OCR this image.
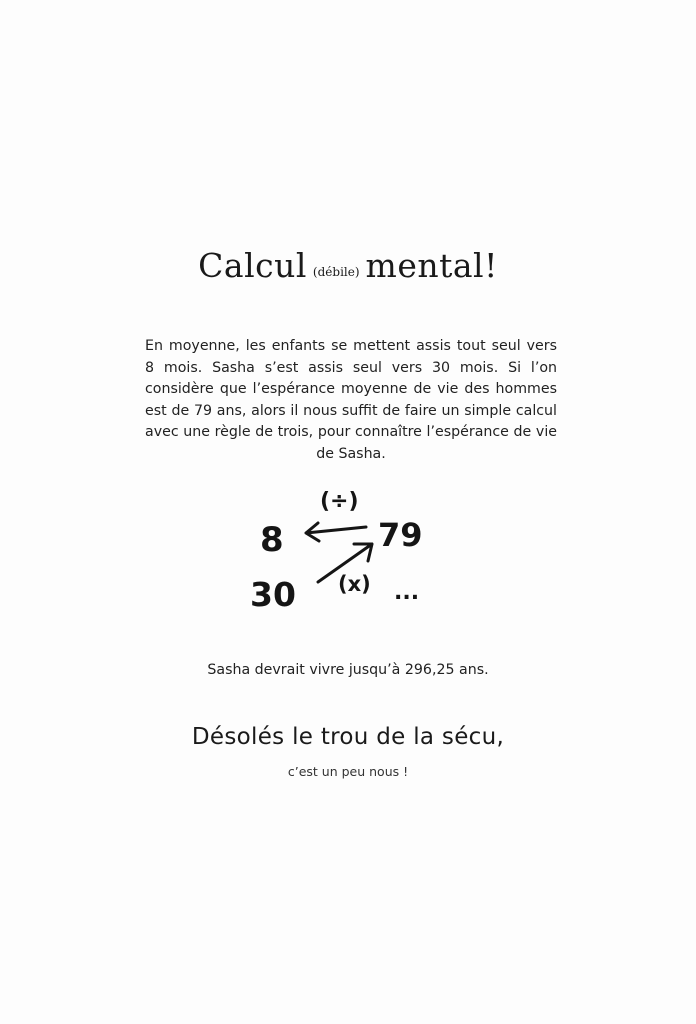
Calcul (débile) mental!

En moyenne, les enfants se mettent assis tout seul vers 8 mois. Sasha s’est assis seul vers 30 mois. Si l’on considère que l’espérance moyenne de vie des hommes est de 79 ans, alors il nous suffit de faire un simple calcul avec une règle de trois, pour connaître l’espérance de vie de Sasha.

(÷)
8	79
30 (x) ...
Sasha devrait vivre jusqu’à 296,25 ans.
Désolés le trou de la sécu,
c’est un peu nous !
